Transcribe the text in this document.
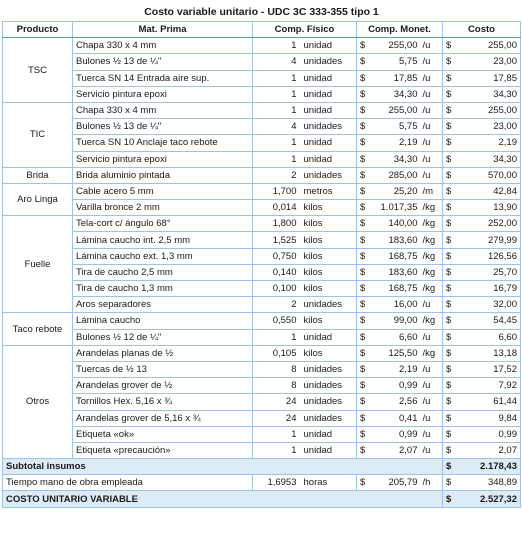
Costo variable unitario - UDC 3C 333-355 tipo 1
Producto	Mat. Prima	Comp. Físico		Comp. Monet.		Costo
TSC	Chapa 330 x 4 mm	1	unidad	$ 255,00	/u	$ 255,00

	Bulones ½ 13 de ¼"	4	unidades	$ 5,75	/u	$ 23,00

	Tuerca SN 14 Entrada aire sup.	1	unidad	$ 17,85	/u	$ 17,85

	Servicio pintura epoxi	1	unidad	$ 34,30	/u	$ 34,30

TIC	Chapa 330 x 4 mm	1	unidad	$ 255,00	/u	$ 255,00

	Bulones ½ 13 de ¼"	4	unidades	$ 5,75	/u	$ 23,00

	Tuerca SN 10 Anclaje taco rebote	1	unidad	$ 2,19	/u	$ 2,19

	Servicio pintura epoxi	1	unidad	$ 34,30	/u	$ 34,30

Brida	Brida aluminio pintada	2	unidades	$ 285,00	/u	$ 570,00

Aro Linga	Cable acero 5 mm	1,700	metros	$ 25,20	/m	$ 42,84

	Varilla bronce 2 mm	0,014	kilos	$ 1.017,35	/kg	$ 13,90

Fuelle	Tela-cort c/ ángulo 68°	1,800	kilos	$ 140,00	/kg	$ 252,00

	Lámina caucho int. 2,5 mm	1,525	kilos	$ 183,60	/kg	$ 279,99

	Lámina caucho ext. 1,3 mm	0,750	kilos	$ 168,75	/kg	$ 126,56

	Tira de caucho 2,5 mm	0,140	kilos	$ 183,60	/kg	$ 25,70

	Tira de caucho 1,3 mm	0,100	kilos	$ 168,75	/kg	$ 16,79

	Aros separadores	2	unidades	$ 16,00	/u	$ 32,00

Taco rebote	Lámina caucho	0,550	kilos	$ 99,00	/kg	$ 54,45

	Bulones ½ 12 de ¼"	1	unidad	$ 6,60	/u	$ 6,60

Otros	Arandelas planas de ½	0,105	kilos	$ 125,50	/kg	$ 13,18

	Tuercas de ½ 13	8	unidades	$ 2,19	/u	$ 17,52

	Arandelas grover de ½	8	unidades	$ 0,99	/u	$ 7,92

	Tornillos Hex. 5,16 x ¾	24	unidades	$ 2,56	/u	$ 61,44

	Arandelas grover de 5,16 x ¾	24	unidades	$ 0,41	/u	$ 9,84

	Etiqueta «ok»	1	unidad	$ 0,99	/u	$ 0,99

	Etiqueta «precaución»	1	unidad	$ 2,07	/u	$ 2,07

Subtotal insumos						$ 2.178,43

Tiempo mano de obra empleada		1,6953	horas	$ 205,79	/h	$ 348,89

COSTO UNITARIO VARIABLE						$ 2.527,32
